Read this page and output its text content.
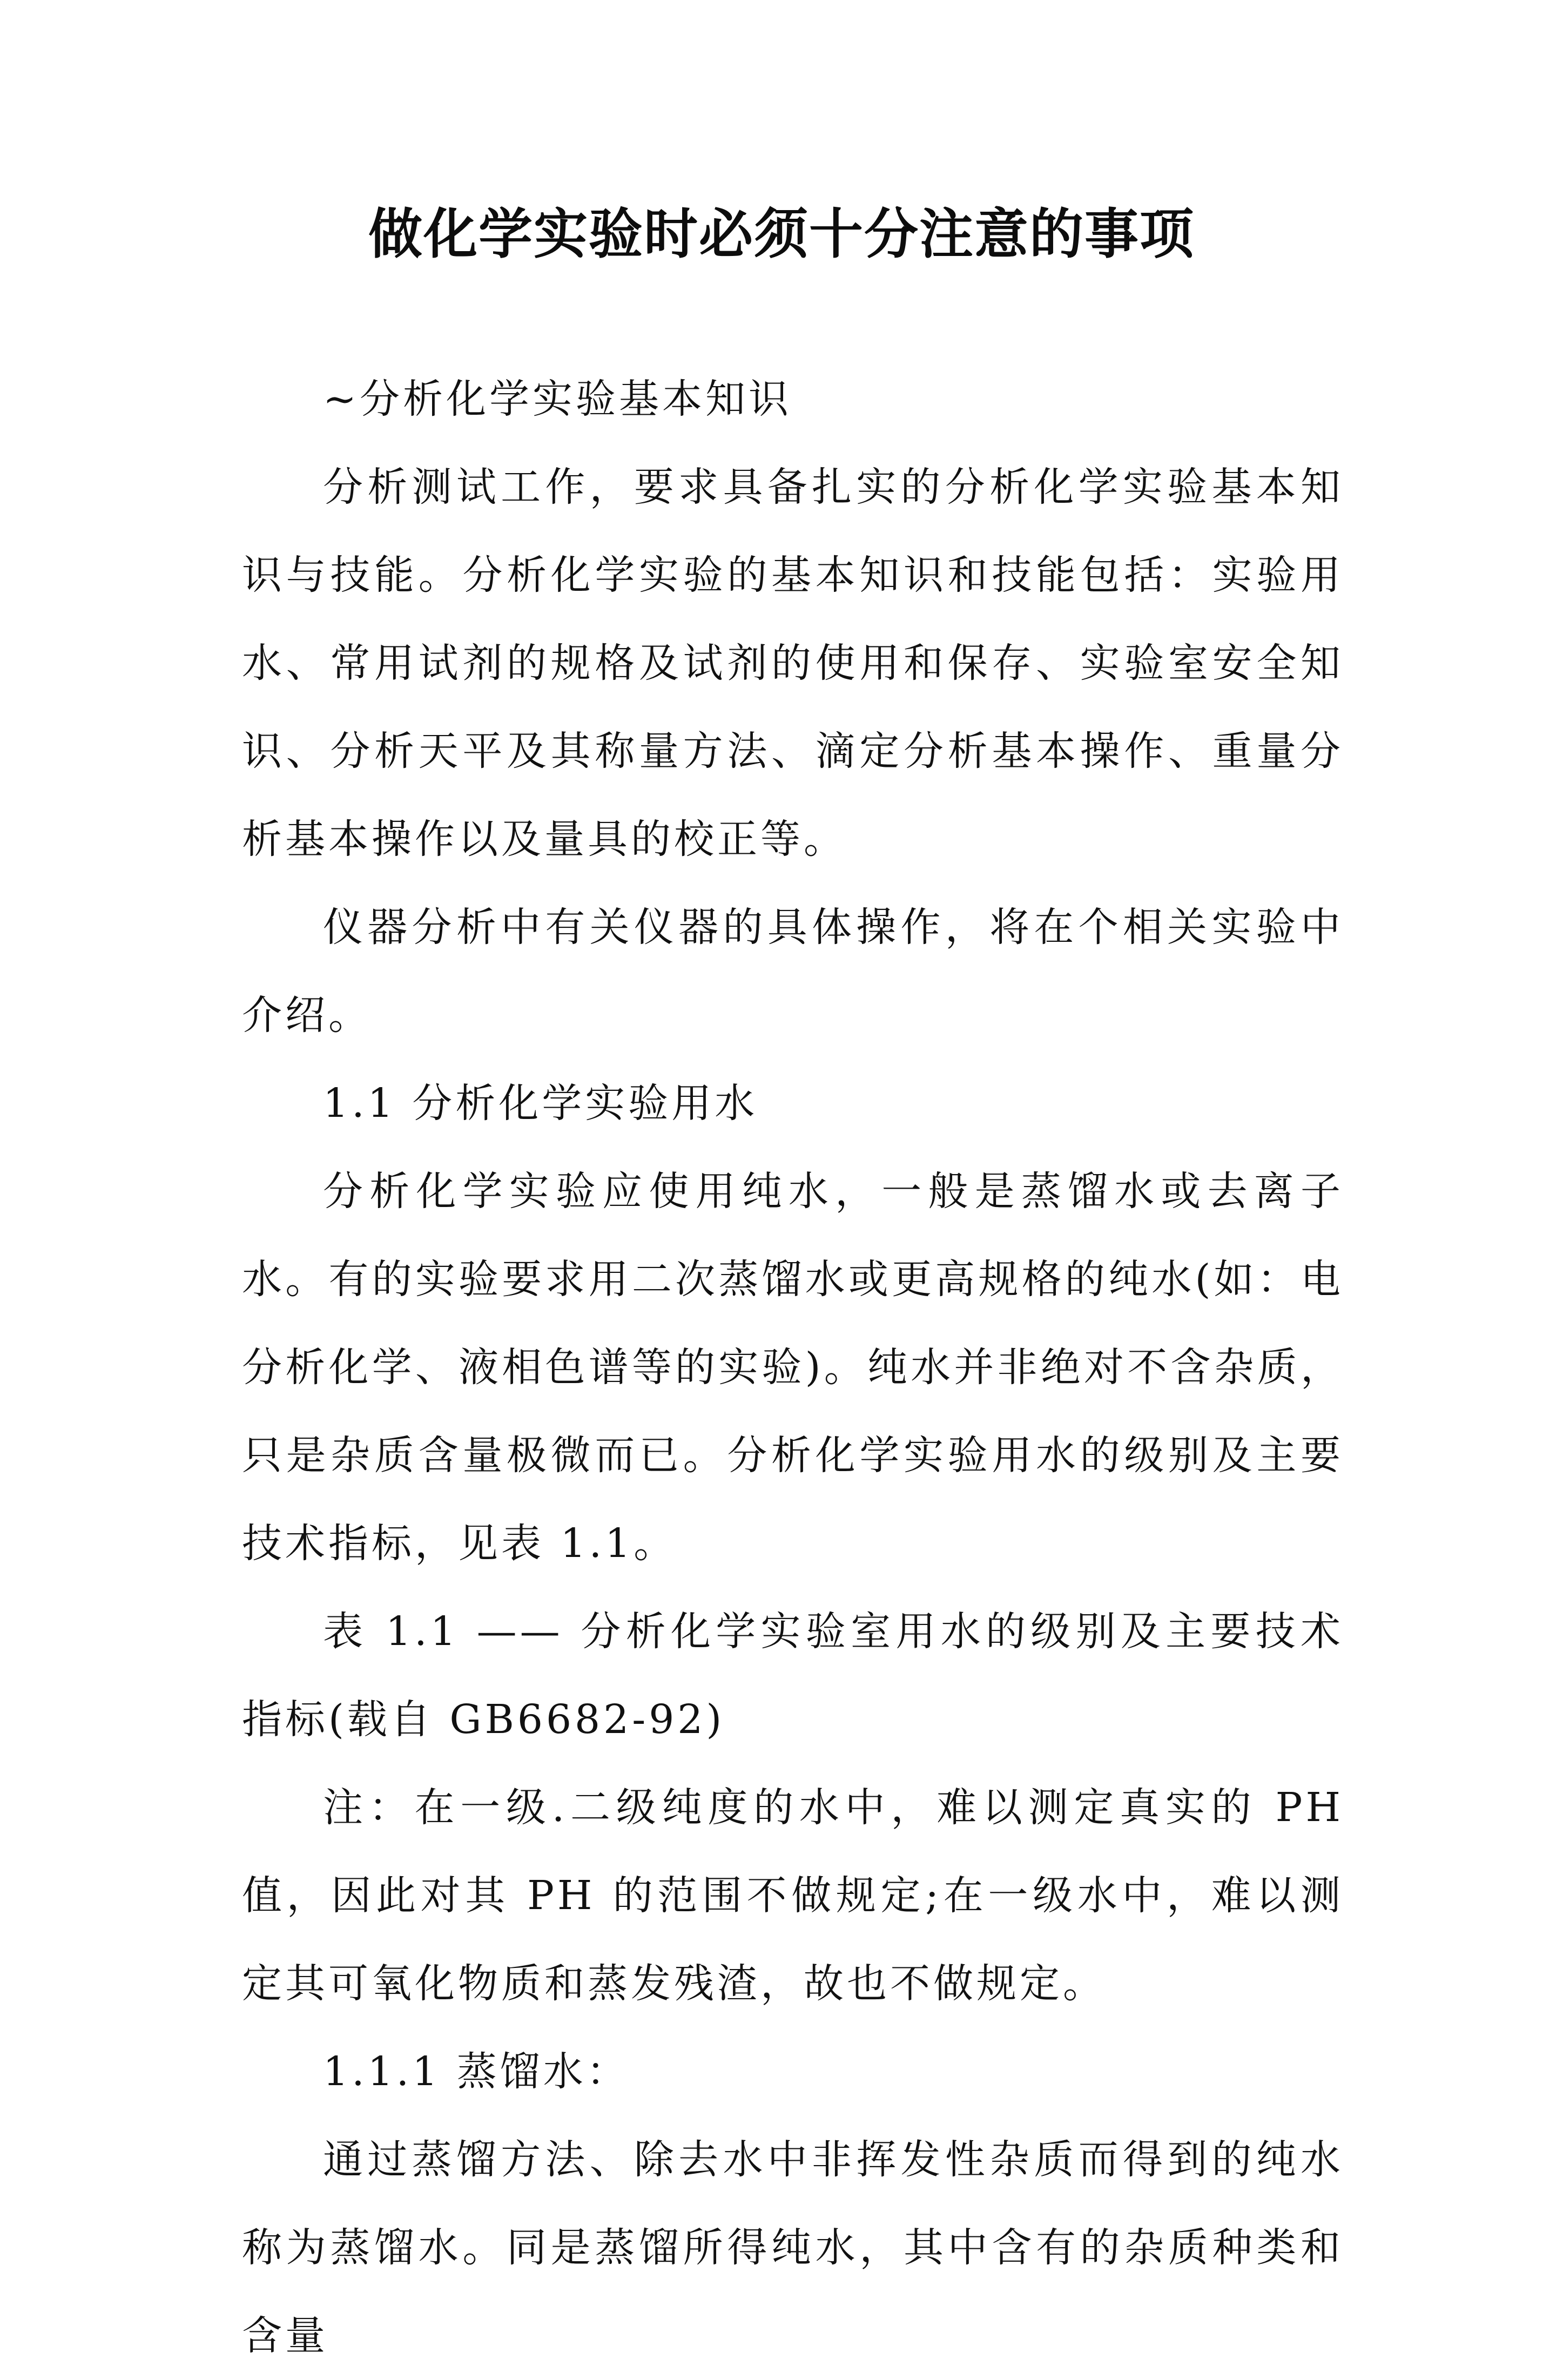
做化学实验时必须十分注意的事项

~分析化学实验基本知识

分析测试工作，要求具备扎实的分析化学实验基本知识与技能。分析化学实验的基本知识和技能包括：实验用水、常用试剂的规格及试剂的使用和保存、实验室安全知识、分析天平及其称量方法、滴定分析基本操作、重量分析基本操作以及量具的校正等。

仪器分析中有关仪器的具体操作，将在个相关实验中介绍。

1.1 分析化学实验用水

分析化学实验应使用纯水，一般是蒸馏水或去离子水。有的实验要求用二次蒸馏水或更高规格的纯水(如：电分析化学、液相色谱等的实验)。纯水并非绝对不含杂质，只是杂质含量极微而已。分析化学实验用水的级别及主要技术指标，见表 1.1。

表 1.1 —— 分析化学实验室用水的级别及主要技术指标(载自 GB6682-92)

注：在一级.二级纯度的水中，难以测定真实的 PH 值，因此对其 PH 的范围不做规定;在一级水中，难以测定其可氧化物质和蒸发残渣，故也不做规定。

1.1.1 蒸馏水：

通过蒸馏方法、除去水中非挥发性杂质而得到的纯水称为蒸馏水。同是蒸馏所得纯水，其中含有的杂质种类和含量
